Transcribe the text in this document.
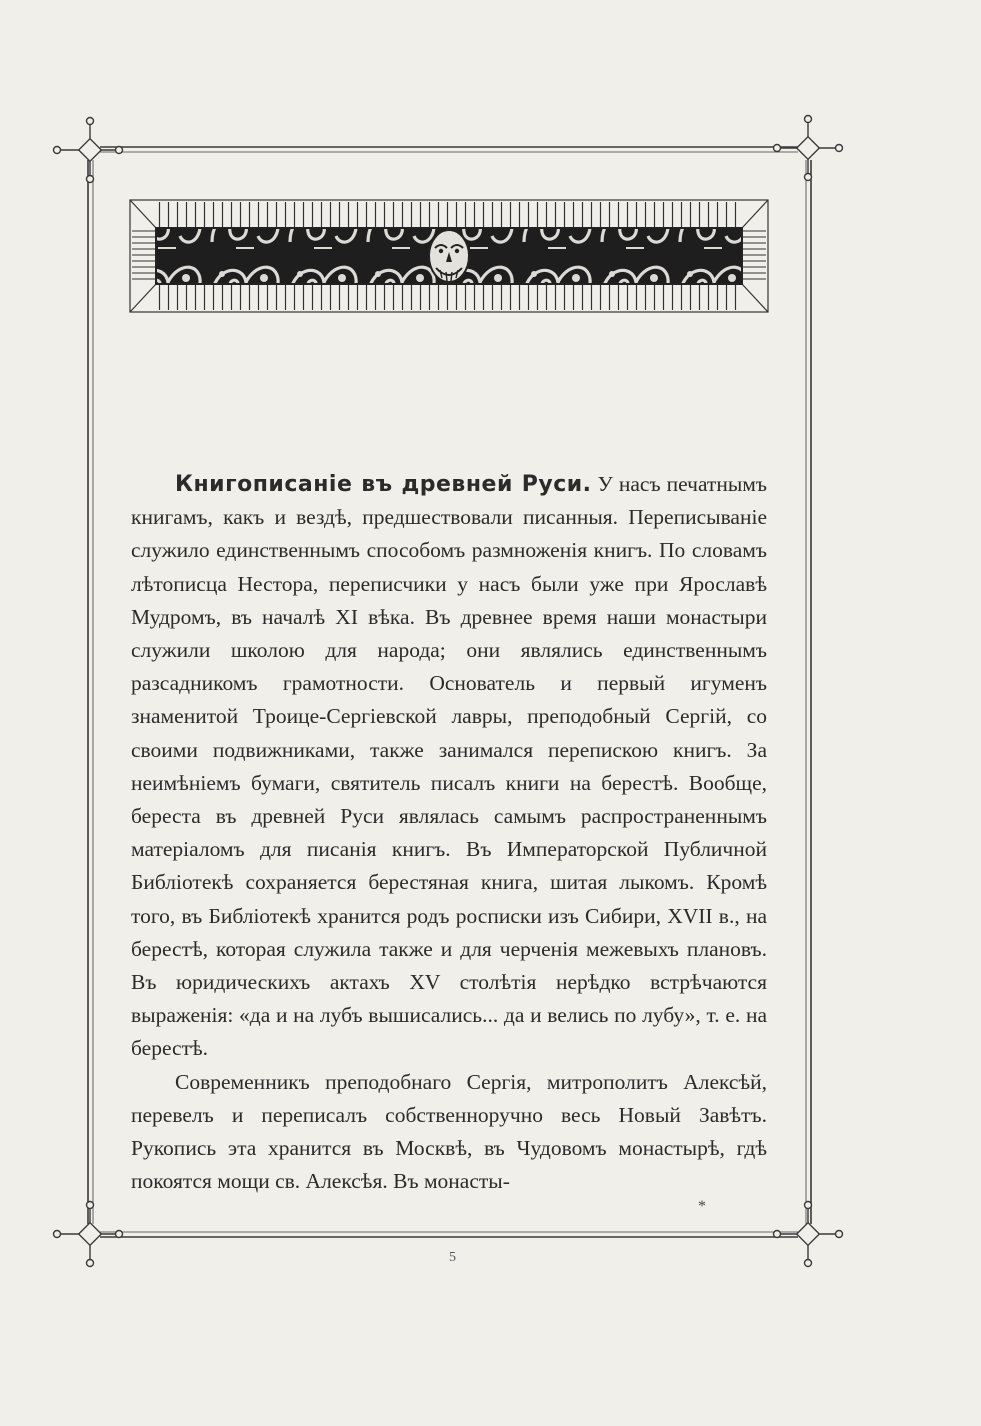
Книгописаніе въ древней Руси. У насъ печатнымъ книгамъ, какъ и вездѣ, предшествовали писанныя. Переписываніе служило единственнымъ способомъ размноженія книгъ. По словамъ лѣтописца Нестора, переписчики у насъ были уже при Ярославѣ Мудромъ, въ началѣ XI вѣка. Въ древнее время наши монастыри служили школою для народа; они являлись единственнымъ разсадникомъ грамотности. Основатель и первый игуменъ знаменитой Троице-Сергіевской лавры, преподобный Сергій, со своими подвижниками, также занимался перепискою книгъ. За неимѣніемъ бумаги, святитель писалъ книги на берестѣ. Вообще, береста въ древней Руси являлась самымъ распространеннымъ матеріаломъ для писанія книгъ. Въ Императорской Публичной Библіотекѣ сохраняется берестяная книга, шитая лыкомъ. Кромѣ того, въ Библіотекѣ хранится родъ росписки изъ Сибири, XVII в., на берестѣ, которая служила также и для черченія межевыхъ плановъ. Въ юридическихъ актахъ XV столѣтія нерѣдко встрѣчаются выраженія: «да и на лубъ вышисались... да и велись по лубу», т. е. на берестѣ.

Современникъ преподобнаго Сергія, митрополитъ Алексѣй, перевелъ и переписалъ собственноручно весь Новый Завѣтъ. Рукопись эта хранится въ Москвѣ, въ Чудовомъ монастырѣ, гдѣ покоятся мощи св. Алексѣя. Въ монасты-

*
5
